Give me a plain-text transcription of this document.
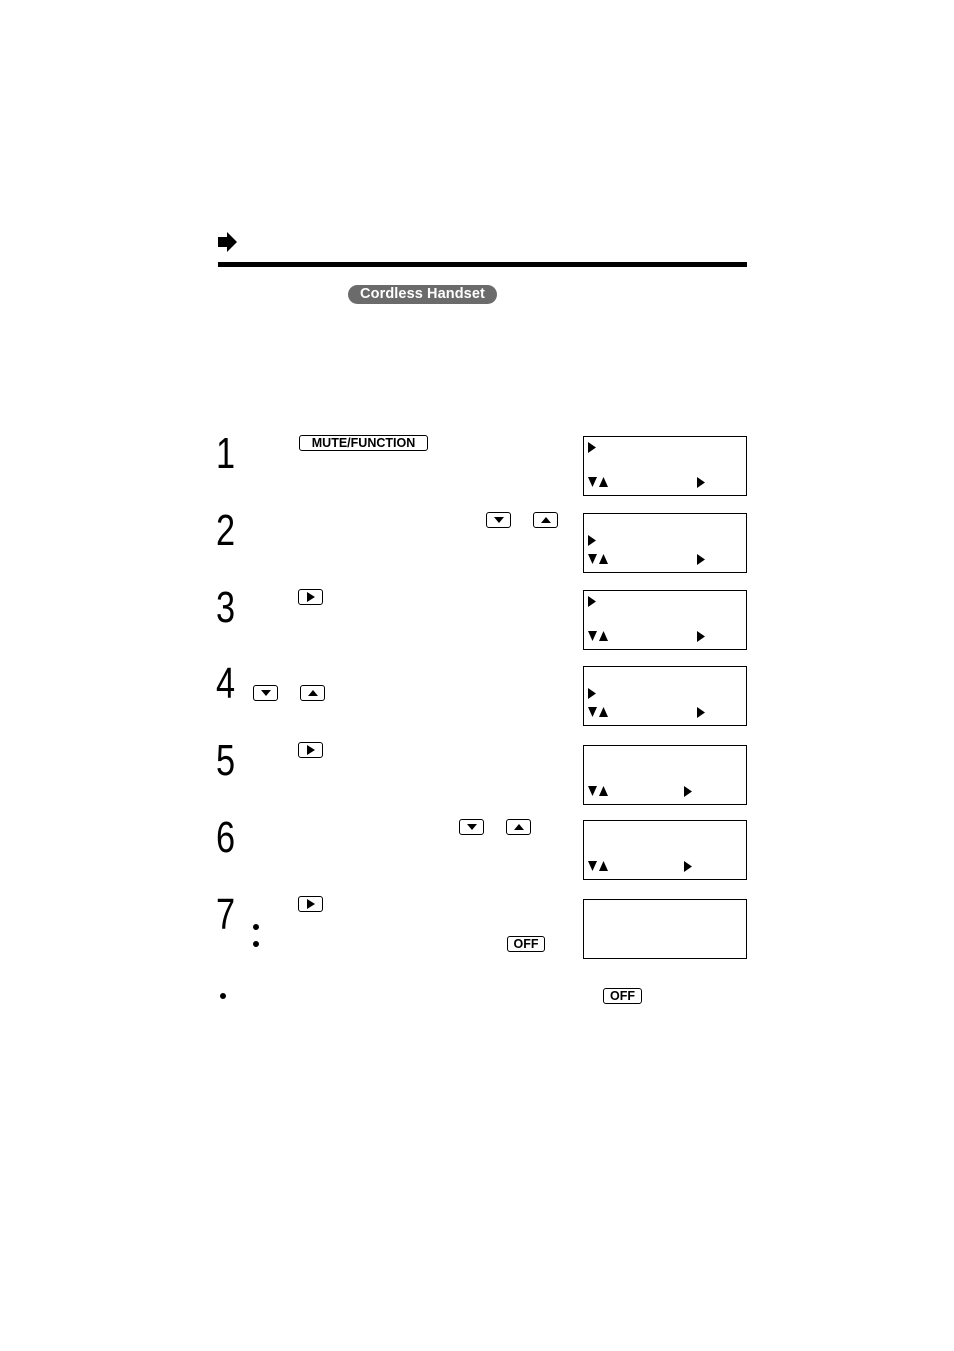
Cordless Handset
1	MUTE/FUNCTION
2
3
4
5
6
7
OFF
OFF
